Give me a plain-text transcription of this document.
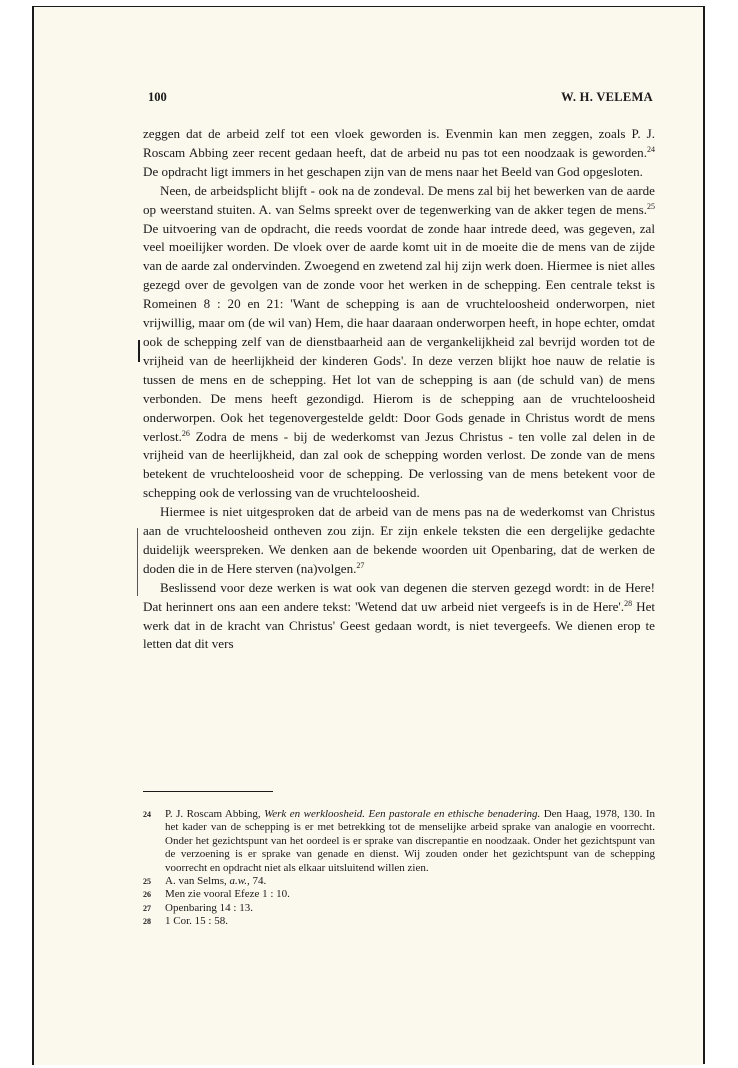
100	W. H. VELEMA

zeggen dat de arbeid zelf tot een vloek geworden is. Evenmin kan men zeggen, zoals P. J. Roscam Abbing zeer recent gedaan heeft, dat de arbeid nu pas tot een noodzaak is geworden.$^{24}$ De opdracht ligt immers in het geschapen zijn van de mens naar het Beeld van God opgesloten.

Neen, de arbeidsplicht blijft - ook na de zondeval. De mens zal bij het bewerken van de aarde op weerstand stuiten. A. van Selms spreekt over de tegenwerking van de akker tegen de mens.$^{25}$ De uitvoering van de opdracht, die reeds voordat de zonde haar intrede deed, was gegeven, zal veel moeilijker worden. De vloek over de aarde komt uit in de moeite die de mens van de zijde van de aarde zal ondervinden. Zwoegend en zwetend zal hij zijn werk doen. Hiermee is niet alles gezegd over de gevolgen van de zonde voor het werken in de schepping. Een centrale tekst is Romeinen 8 : 20 en 21: 'Want de schepping is aan de vruchteloosheid onderworpen, niet vrijwillig, maar om (de wil van) Hem, die haar daaraan onderworpen heeft, in hope echter, omdat ook de schepping zelf van de dienstbaarheid aan de vergankelijkheid zal bevrijd worden tot de vrijheid van de heerlijkheid der kinderen Gods'. In deze verzen blijkt hoe nauw de relatie is tussen de mens en de schepping. Het lot van de schepping is aan (de schuld van) de mens verbonden. De mens heeft gezondigd. Hierom is de schepping aan de vruchteloosheid onderworpen. Ook het tegenovergestelde geldt: Door Gods genade in Christus wordt de mens verlost.$^{26}$ Zodra de mens - bij de wederkomst van Jezus Christus - ten volle zal delen in de vrijheid van de heerlijkheid, dan zal ook de schepping worden verlost. De zonde van de mens betekent de vruchteloosheid voor de schepping. De verlossing van de mens betekent voor de schepping ook de verlossing van de vruchteloosheid.

Hiermee is niet uitgesproken dat de arbeid van de mens pas na de wederkomst van Christus aan de vruchteloosheid ontheven zou zijn. Er zijn enkele teksten die een dergelijke gedachte duidelijk weerspreken. We denken aan de bekende woorden uit Openbaring, dat de werken de doden die in de Here sterven (na)volgen.$^{27}$

Beslissend voor deze werken is wat ook van degenen die sterven gezegd wordt: in de Here! Dat herinnert ons aan een andere tekst: 'Wetend dat uw arbeid niet vergeefs is in de Here'.$^{28}$ Het werk dat in de kracht van Christus' Geest gedaan wordt, is niet tevergeefs. We dienen erop te letten dat dit vers

24 P. J. Roscam Abbing, Werk en werkloosheid. Een pastorale en ethische benadering. Den Haag, 1978, 130. In het kader van de schepping is er met betrekking tot de menselijke arbeid sprake van analogie en voorrecht. Onder het gezichtspunt van het oordeel is er sprake van discrepantie en noodzaak. Onder het gezichtspunt van de verzoening is er sprake van genade en dienst. Wij zouden onder het gezichtspunt van de schepping voorrecht en opdracht niet als elkaar uitsluitend willen zien.

25 A. van Selms, a.w., 74.

26 Men zie vooral Efeze 1 : 10.

27 Openbaring 14 : 13.

28 1 Cor. 15 : 58.
